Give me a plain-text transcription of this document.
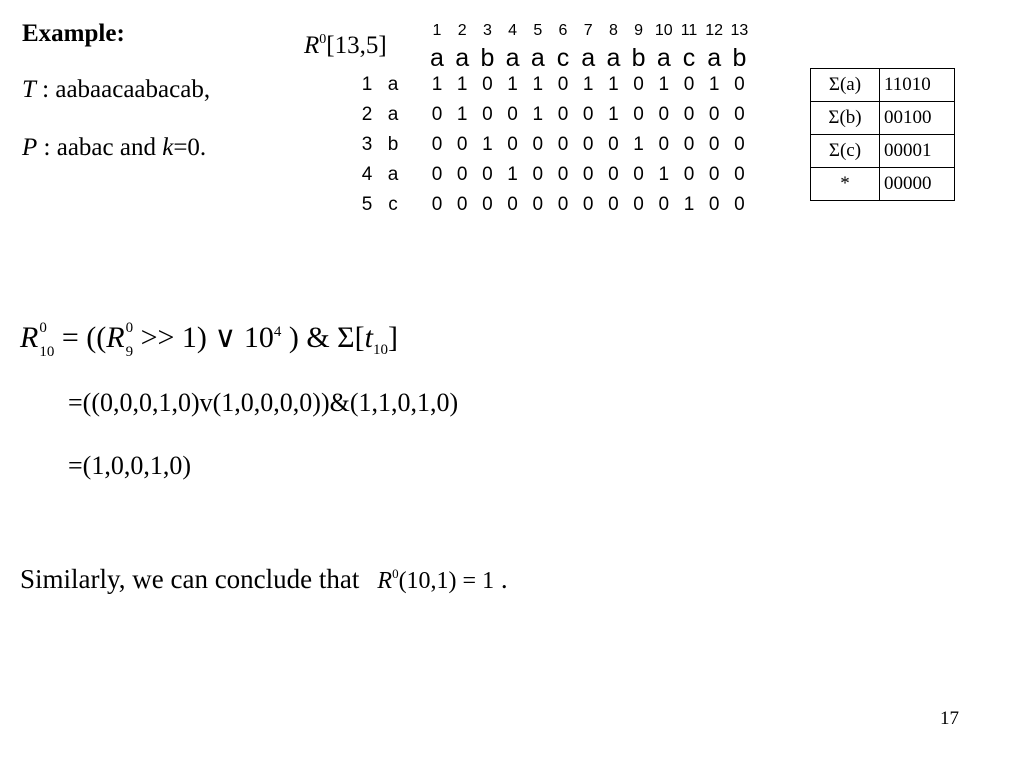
Example:
T : aabaacaabacab,
P : aabac and k=0.
$R^0[13,5]$
1	2	3	4	5	6	7	8	9 10 11 12 13
a a b a a c a a b a c a b
1 a	1 1 0 1 1 0 1 1 0 1 0 1 0
2 a	0 1 0 0 1 0 0 1 0 0 0 0 0
3 b	0 0 1 0 0 0 0 0 1 0 0 0 0
4 a	0 0 0 1 0 0 0 0 0 1 0 0 0
5 c	0 0 0 0 0 0 0 0 0 0 1 0 0
Σ(a)	11010
Σ(b)	00100
Σ(c)	00001
*	00000
R 0
10 = ((R 0
9 >> 1) ∨ $10^4$ ) & $\Sigma[t_{10}]$
=((0,0,0,1,0)v(1,0,0,0,0))&(1,1,0,1,0)
=(1,0,0,1,0)
Similarly, we can conclude that $R^0(10,1) = 1$ .
17
